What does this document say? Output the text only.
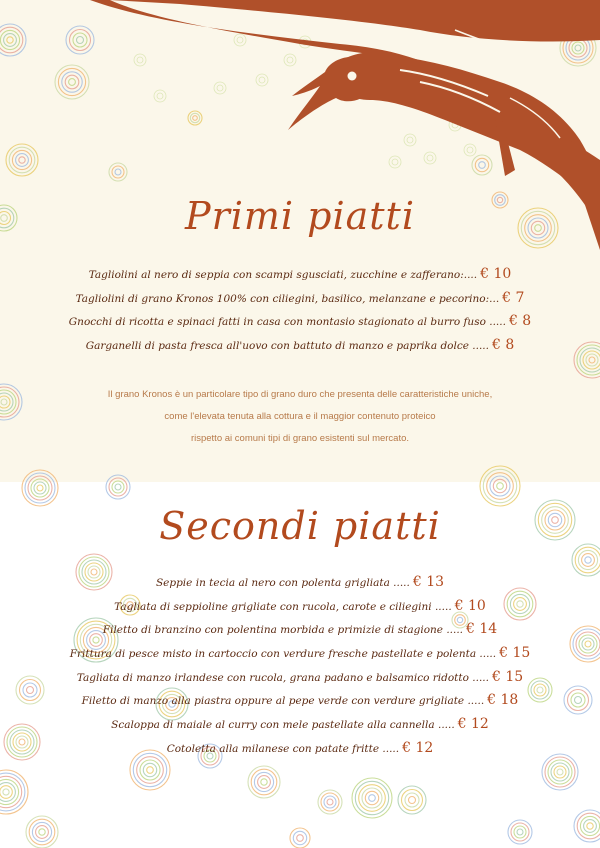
Primi piatti
Tagliolini al nero di seppia con scampi sgusciati, zucchine e zafferano:.... € 10
Tagliolini di grano Kronos 100% con ciliegini, basilico, melanzane e pecorino:... € 7
Gnocchi di ricotta e spinaci fatti in casa con montasio stagionato al burro fuso ..... € 8
Garganelli di pasta fresca all'uovo con battuto di manzo e paprika dolce ..... € 8
Il grano Kronos è un particolare tipo di grano duro che presenta delle caratteristiche uniche,
come l'elevata tenuta alla cottura e il maggior contenuto proteico
rispetto ai comuni tipi di grano esistenti sul mercato.
Secondi piatti
Seppie in tecia al nero con polenta grigliata ..... € 13
Tagliata di seppioline grigliate con rucola, carote e ciliegini ..... € 10
Filetto di branzino con polentina morbida e primizie di stagione ..... € 14
Frittura di pesce misto in cartoccio con verdure fresche pastellate e polenta ..... € 15
Tagliata di manzo irlandese con rucola, grana padano e balsamico ridotto ..... € 15
Filetto di manzo alla piastra oppure al pepe verde con verdure grigliate ..... € 18
Scaloppa di maiale al curry con mele pastellate alla cannella ..... € 12
Cotoletta alla milanese con patate fritte ..... € 12
